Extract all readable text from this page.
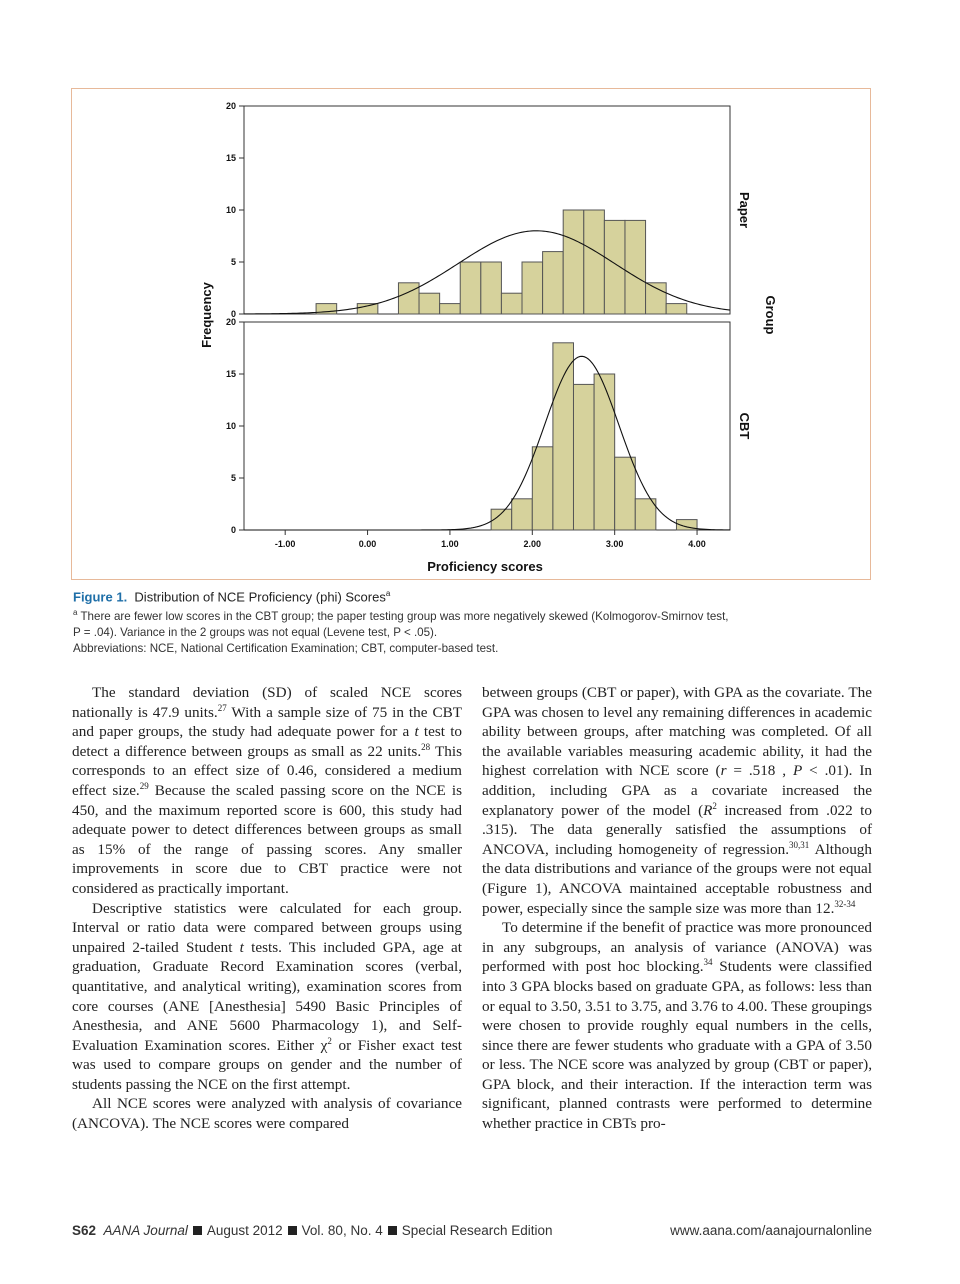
0
5
10
15
20
Paper
0
5
10
15
20
CBT
-1.00	0.00	1.00	2.00	3.00	4.00
Proficiency scores
Frequency	Group
Figure 1. Distribution of NCE Proficiency (phi) Scores$^a$
$^a$ There are fewer low scores in the CBT group; the paper testing group was more negatively skewed (Kolmogorov-Smirnov test,
P = .04). Variance in the 2 groups was not equal (Levene test, P < .05).
Abbreviations: NCE, National Certification Examination; CBT, computer-based test.

The standard deviation (SD) of scaled NCE scores nationally is 47.9 units.$^{27}$ With a sample size of 75 in the CBT and paper groups, the study had adequate power for a t test to detect a difference between groups as small as 22 units.$^{28}$ This corresponds to an effect size of 0.46, considered a medium effect size.$^{29}$ Because the scaled passing score on the NCE is 450, and the maximum reported score is 600, this study had adequate power to detect differences between groups as small as 15% of the range of passing scores. Any smaller improvements in score due to CBT practice were not considered as practically important.

Descriptive statistics were calculated for each group. Interval or ratio data were compared between groups using unpaired 2-tailed Student t tests. This included GPA, age at graduation, Graduate Record Examination scores (verbal, quantitative, and analytical writing), examination scores from core courses (ANE [Anesthesia] 5490 Basic Principles of Anesthesia, and ANE 5600 Pharmacology 1), and Self-Evaluation Examination scores. Either $\chi^2$ or Fisher exact test was used to compare groups on gender and the number of students passing the NCE on the first attempt.

All NCE scores were analyzed with analysis of covariance (ANCOVA). The NCE scores were compared

between groups (CBT or paper), with GPA as the covariate. The GPA was chosen to level any remaining differences in academic ability between groups, after matching was completed. Of all the available variables measuring academic ability, it had the highest correlation with NCE score (r = .518 , P < .01). In addition, including GPA as a covariate increased the explanatory power of the model ($R^2$ increased from .022 to .315). The data generally satisfied the assumptions of ANCOVA, including homogeneity of regression.$^{30,31}$ Although the data distributions and variance of the groups were not equal (Figure 1), ANCOVA maintained acceptable robustness and power, especially since the sample size was more than 12.$^{32-34}$

To determine if the benefit of practice was more pronounced in any subgroups, an analysis of variance (ANOVA) was performed with post hoc blocking.$^{34}$ Students were classified into 3 GPA blocks based on graduate GPA, as follows: less than or equal to 3.50, 3.51 to 3.75, and 3.76 to 4.00. These groupings were chosen to provide roughly equal numbers in the cells, since there are fewer students who graduate with a GPA of 3.50 or less. The NCE score was analyzed by group (CBT or paper), GPA block, and their interaction. If the interaction term was significant, planned contrasts were performed to determine whether practice in CBTs pro-

S62 AANA Journal August 2012 Vol. 80, No. 4 Special Research Edition	www.aana.com/aanajournalonline
